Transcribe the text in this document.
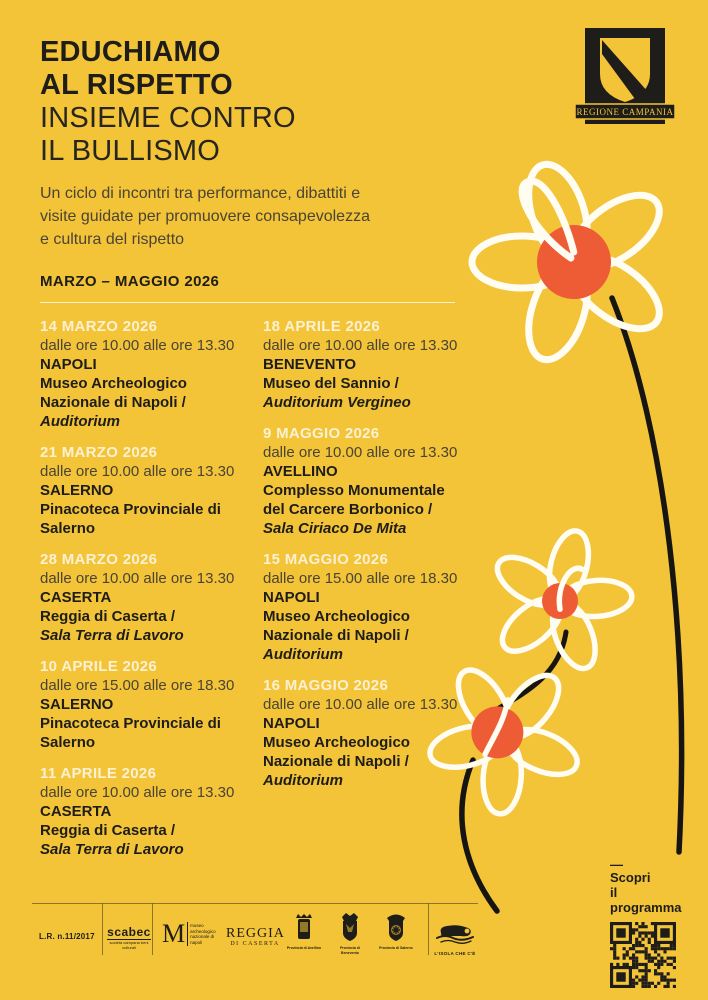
EDUCHIAMO
AL RISPETTO
INSIEME CONTRO
IL BULLISMO
Un ciclo di incontri tra performance, dibattiti e visite guidate per promuovere consapevolezza e cultura del rispetto
MARZO – MAGGIO 2026
REGIONE CAMPANIA
14 MARZO 2026
dalle ore 10.00 alle ore 13.30
NAPOLI
Museo Archeologico Nazionale di Napoli /
Auditorium
21 MARZO 2026
dalle ore 10.00 alle ore 13.30
SALERNO
Pinacoteca Provinciale di Salerno
28 MARZO 2026
dalle ore 10.00 alle ore 13.30
CASERTA
Reggia di Caserta /
Sala Terra di Lavoro
10 APRILE 2026
dalle ore 15.00 alle ore 18.30
SALERNO
Pinacoteca Provinciale di Salerno
11 APRILE 2026
dalle ore 10.00 alle ore 13.30
CASERTA
Reggia di Caserta /
Sala Terra di Lavoro
18 APRILE 2026
dalle ore 10.00 alle ore 13.30
BENEVENTO
Museo del Sannio /
Auditorium Vergineo
9 MAGGIO 2026
dalle ore 10.00 alle ore 13.30
AVELLINO
Complesso Monumentale del Carcere Borbonico /
Sala Ciriaco De Mita
15 MAGGIO 2026
dalle ore 15.00 alle ore 18.30
NAPOLI
Museo Archeologico Nazionale di Napoli /
Auditorium
16 MAGGIO 2026
dalle ore 10.00 alle ore 13.30
NAPOLI
Museo Archeologico Nazionale di Napoli /
Auditorium
—
Scopri
il programma
L.R. n.11/2017 scabec
società campana beni culturali	M museo archeologico nazionale di napoli
REGGIA
DI CASERTA
Provincia di Avellino	Provincia di Benevento
Provincia di Salerno
L'ISOLA CHE C'È
